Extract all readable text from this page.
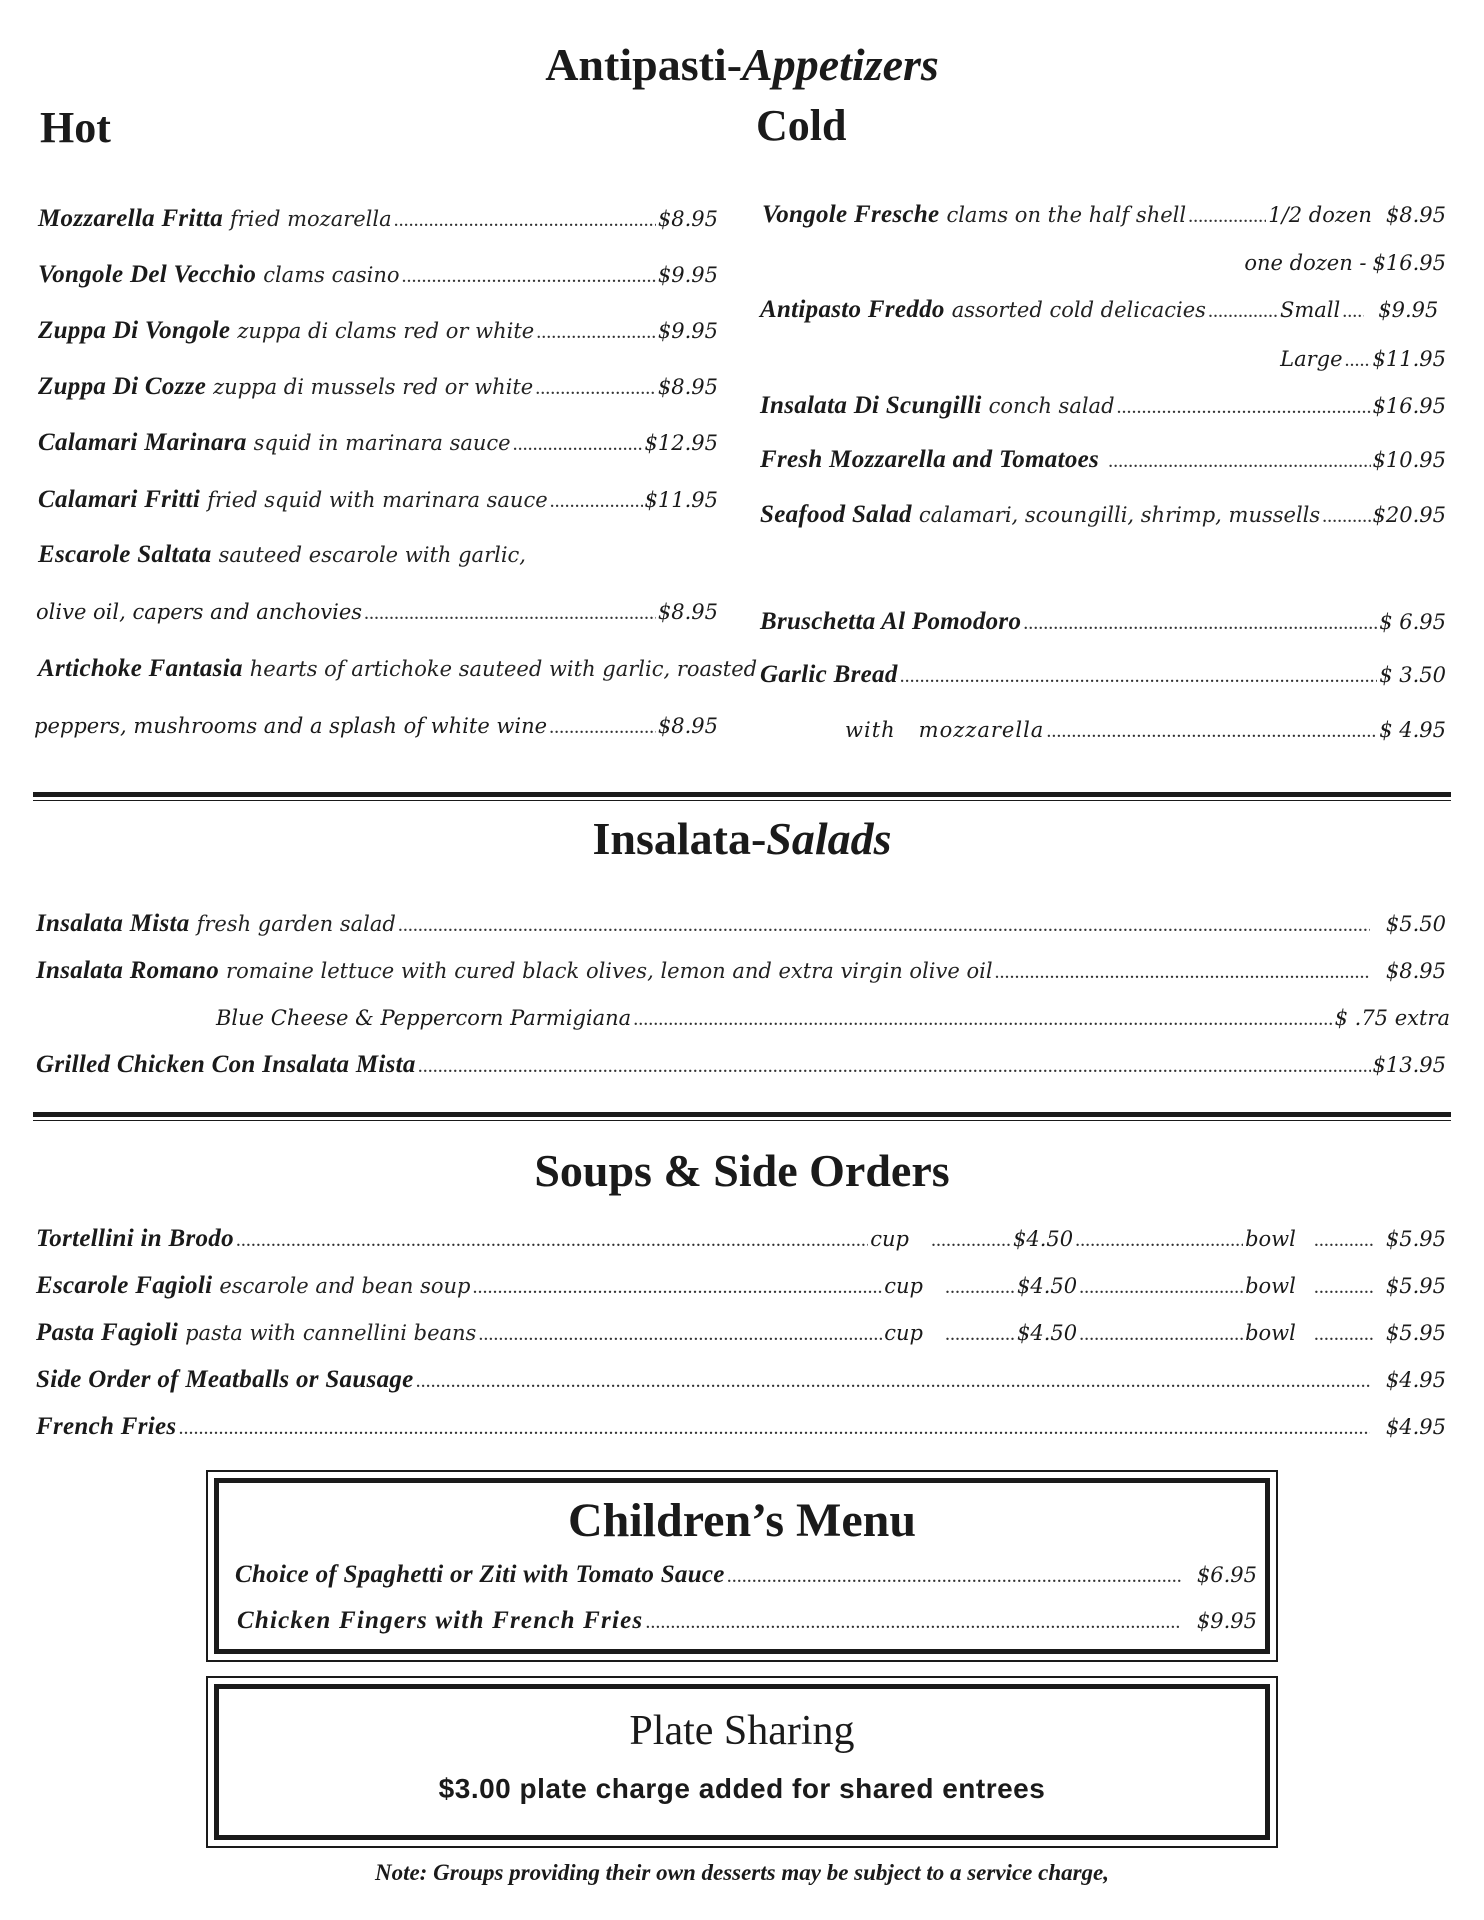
Antipasti-Appetizers
Hot	Cold
Mozzarella Fritta fried mozarella .....	$8.95
Vongole Del Vecchio clams casino .....	$9.95
Zuppa Di Vongole zuppa di clams red or white .....	$9.95
Zuppa Di Cozze zuppa di mussels red or white .....	$8.95
Calamari Marinara squid in marinara sauce .....	$12.95
Calamari Fritti fried squid with marinara sauce .....	$11.95
Escarole Saltata sauteed escarole with garlic,
olive oil, capers and anchovies .....	$8.95
Artichoke Fantasia hearts of artichoke sauteed with garlic, roasted
peppers, mushrooms and a splash of white wine .....	$8.95
Vongole Fresche clams on the half shell .....	1/2 dozen $8.95
one dozen - $16.95
Antipasto Freddo assorted cold delicacies .....	Small ..... $9.95
Large ..... $11.95
Insalata Di Scungilli conch salad .....	$16.95
Fresh Mozzarella and Tomatoes .....	$10.95
Seafood Salad calamari, scoungilli, shrimp, mussells ..... $20.95
Bruschetta Al Pomodoro .....	$ 6.95
Garlic Bread .....	$ 3.50
with   mozzarella .....	$ 4.95
Insalata-Salads
Insalata Mista fresh garden salad .....	$5.50
Insalata Romano romaine lettuce with cured black olives, lemon and extra virgin olive oil .....	$8.95
Blue Cheese & Peppercorn Parmigiana .....	$ .75 extra
Grilled Chicken Con Insalata Mista .....	$13.95
Soups & Side Orders
Tortellini in Brodo .....	cup .....	$4.50 .....	bowl .....	$5.95
Escarole Fagioli escarole and bean soup .....	cup .....	$4.50 .....	bowl .....	$5.95
Pasta Fagioli pasta with cannellini beans .....	cup .....	$4.50 .....	bowl .....	$5.95
Side Order of Meatballs or Sausage .....	$4.95
French Fries .....	$4.95
Children’s Menu
Choice of Spaghetti or Ziti with Tomato Sauce .....	$6.95
Chicken Fingers with French Fries .....	$9.95
Plate Sharing
$3.00 plate charge added for shared entrees
Note: Groups providing their own desserts may be subject to a service charge,
